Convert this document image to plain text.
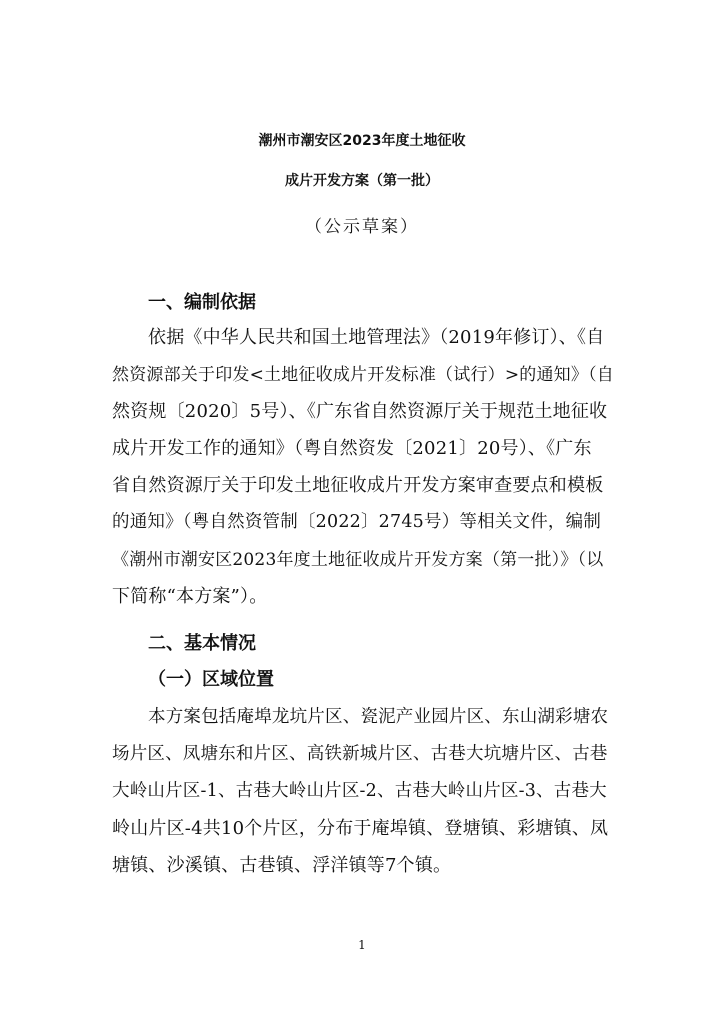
潮州市潮安区2023年度土地征收
成片开发方案（第一批）
（公示草案）
一、编制依据
依据《中华人民共和国土地管理法》（2019年修订）、《自
然资源部关于印发<土地征收成片开发标准（试行）>的通知》（自
然资规〔2020〕5号）、《广东省自然资源厅关于规范土地征收
成片开发工作的通知》（粤自然资发〔2021〕20号）、《广东
省自然资源厅关于印发土地征收成片开发方案审查要点和模板
的通知》（粤自然资管制〔2022〕2745号）等相关文件，编制
《潮州市潮安区2023年度土地征收成片开发方案（第一批）》（以
下简称“本方案”）。
二、基本情况
（一）区域位置
本方案包括庵埠龙坑片区、瓷泥产业园片区、东山湖彩塘农
场片区、凤塘东和片区、高铁新城片区、古巷大坑塘片区、古巷
大岭山片区-1、古巷大岭山片区-2、古巷大岭山片区-3、古巷大
岭山片区-4共10个片区，分布于庵埠镇、登塘镇、彩塘镇、凤
塘镇、沙溪镇、古巷镇、浮洋镇等7个镇。
1
